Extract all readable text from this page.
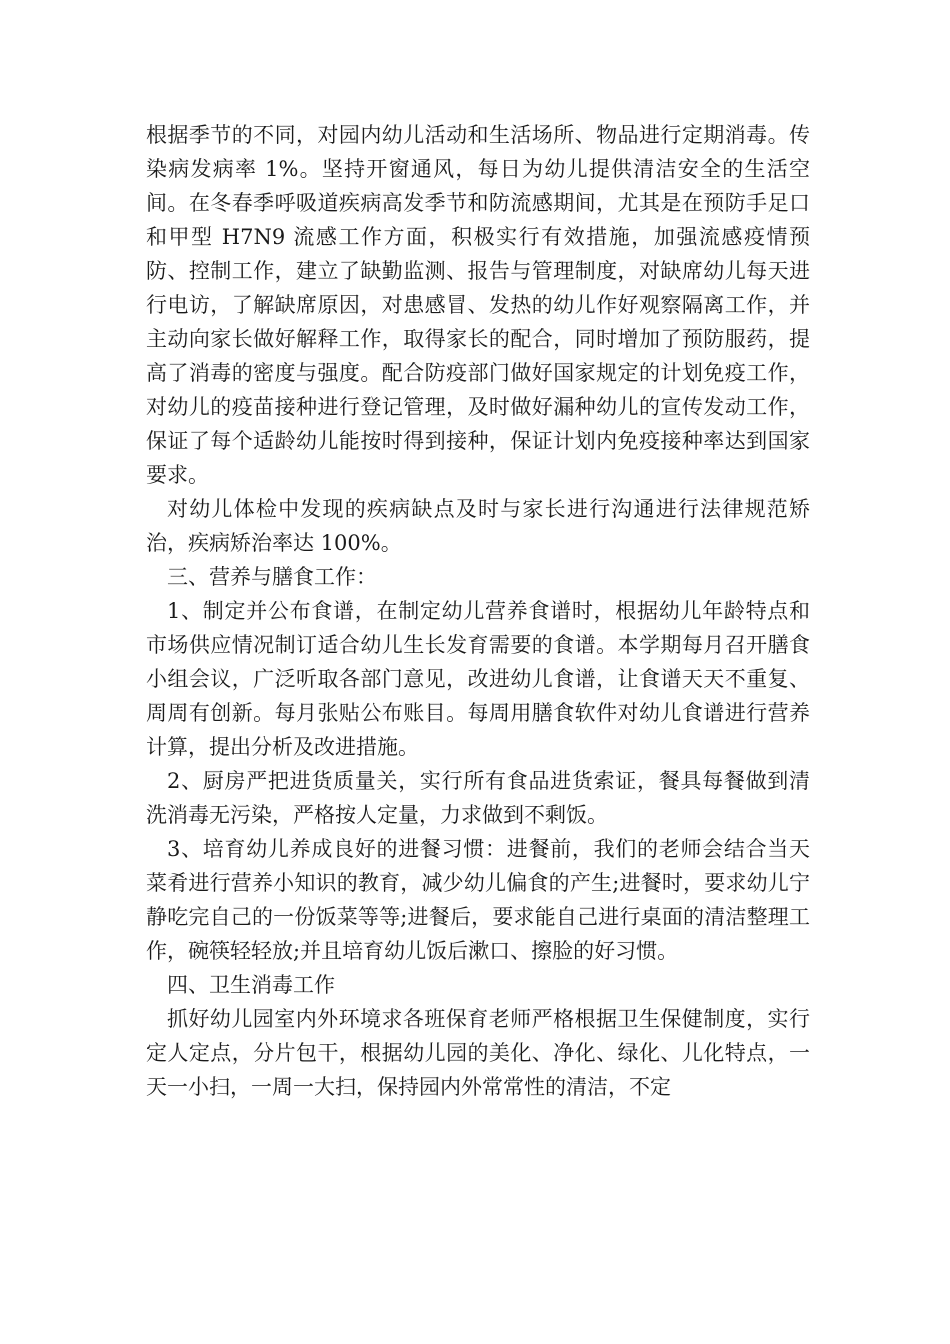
根据季节的不同，对园内幼儿活动和生活场所、物品进行定期消毒。传染病发病率 1%。坚持开窗通风，每日为幼儿提供清洁安全的生活空间。在冬春季呼吸道疾病高发季节和防流感期间，尤其是在预防手足口和甲型 H7N9 流感工作方面，积极实行有效措施，加强流感疫情预防、控制工作，建立了缺勤监测、报告与管理制度，对缺席幼儿每天进行电访，了解缺席原因，对患感冒、发热的幼儿作好观察隔离工作，并主动向家长做好解释工作，取得家长的配合，同时增加了预防服药，提高了消毒的密度与强度。配合防疫部门做好国家规定的计划免疫工作，对幼儿的疫苗接种进行登记管理，及时做好漏种幼儿的宣传发动工作，保证了每个适龄幼儿能按时得到接种，保证计划内免疫接种率达到国家要求。

对幼儿体检中发现的疾病缺点及时与家长进行沟通进行法律规范矫治，疾病矫治率达 100%。

三、营养与膳食工作：

1、制定并公布食谱，在制定幼儿营养食谱时，根据幼儿年龄特点和市场供应情况制订适合幼儿生长发育需要的食谱。本学期每月召开膳食小组会议，广泛听取各部门意见，改进幼儿食谱，让食谱天天不重复、周周有创新。每月张贴公布账目。每周用膳食软件对幼儿食谱进行营养计算，提出分析及改进措施。

2、厨房严把进货质量关，实行所有食品进货索证，餐具每餐做到清洗消毒无污染，严格按人定量，力求做到不剩饭。

3、培育幼儿养成良好的进餐习惯：进餐前，我们的老师会结合当天菜肴进行营养小知识的教育，减少幼儿偏食的产生;进餐时，要求幼儿宁静吃完自己的一份饭菜等等;进餐后，要求能自己进行桌面的清洁整理工作，碗筷轻轻放;并且培育幼儿饭后漱口、擦脸的好习惯。

四、卫生消毒工作

抓好幼儿园室内外环境求各班保育老师严格根据卫生保健制度，实行定人定点，分片包干，根据幼儿园的美化、净化、绿化、儿化特点，一天一小扫，一周一大扫，保持园内外常常性的清洁，不定
